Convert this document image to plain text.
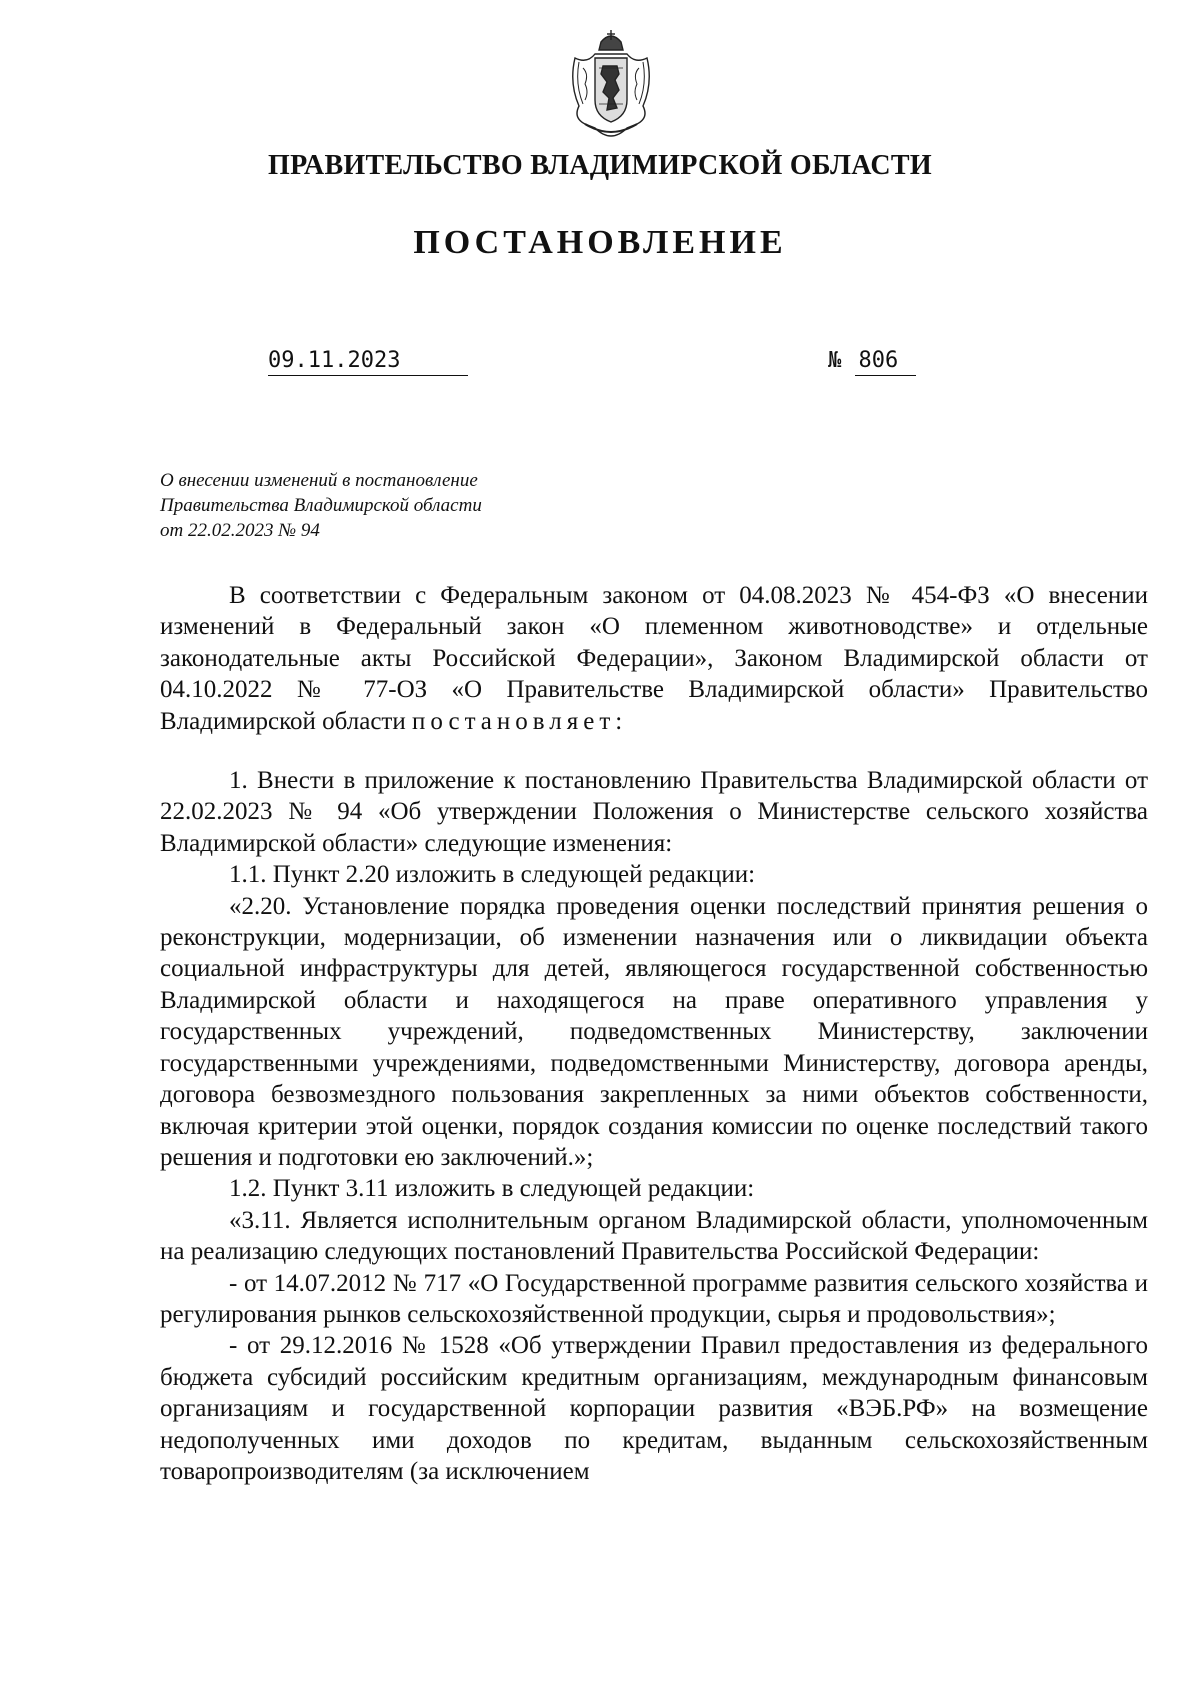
ПРАВИТЕЛЬСТВО ВЛАДИМИРСКОЙ ОБЛАСТИ
ПОСТАНОВЛЕНИЕ
09.11.2023	№ 806
О внесении изменений в постановление
Правительства Владимирской области
от 22.02.2023 № 94

В соответствии с Федеральным законом от 04.08.2023 № 454-ФЗ «О внесении изменений в Федеральный закон «О племенном животноводстве» и отдельные законодательные акты Российской Федерации», Законом Владимирской области от 04.10.2022 № 77-ОЗ «О Правительстве Владимирской области» Правительство Владимирской области постановляет:

1. Внести в приложение к постановлению Правительства Владимирской области от 22.02.2023 № 94 «Об утверждении Положения о Министерстве сельского хозяйства Владимирской области» следующие изменения:

1.1. Пункт 2.20 изложить в следующей редакции:

«2.20. Установление порядка проведения оценки последствий принятия решения о реконструкции, модернизации, об изменении назначения или о ликвидации объекта социальной инфраструктуры для детей, являющегося государственной собственностью Владимирской области и находящегося на праве оперативного управления у государственных учреждений, подведомственных Министерству, заключении государственными учреждениями, подведомственными Министерству, договора аренды, договора безвозмездного пользования закрепленных за ними объектов собственности, включая критерии этой оценки, порядок создания комиссии по оценке последствий такого решения и подготовки ею заключений.»;

1.2. Пункт 3.11 изложить в следующей редакции:

«3.11. Является исполнительным органом Владимирской области, уполномоченным на реализацию следующих постановлений Правительства Российской Федерации:

- от 14.07.2012 № 717 «О Государственной программе развития сельского хозяйства и регулирования рынков сельскохозяйственной продукции, сырья и продовольствия»;

- от 29.12.2016 № 1528 «Об утверждении Правил предоставления из федерального бюджета субсидий российским кредитным организациям, международным финансовым организациям и государственной корпорации развития «ВЭБ.РФ» на возмещение недополученных ими доходов по кредитам, выданным сельскохозяйственным товаропроизводителям (за исключением
